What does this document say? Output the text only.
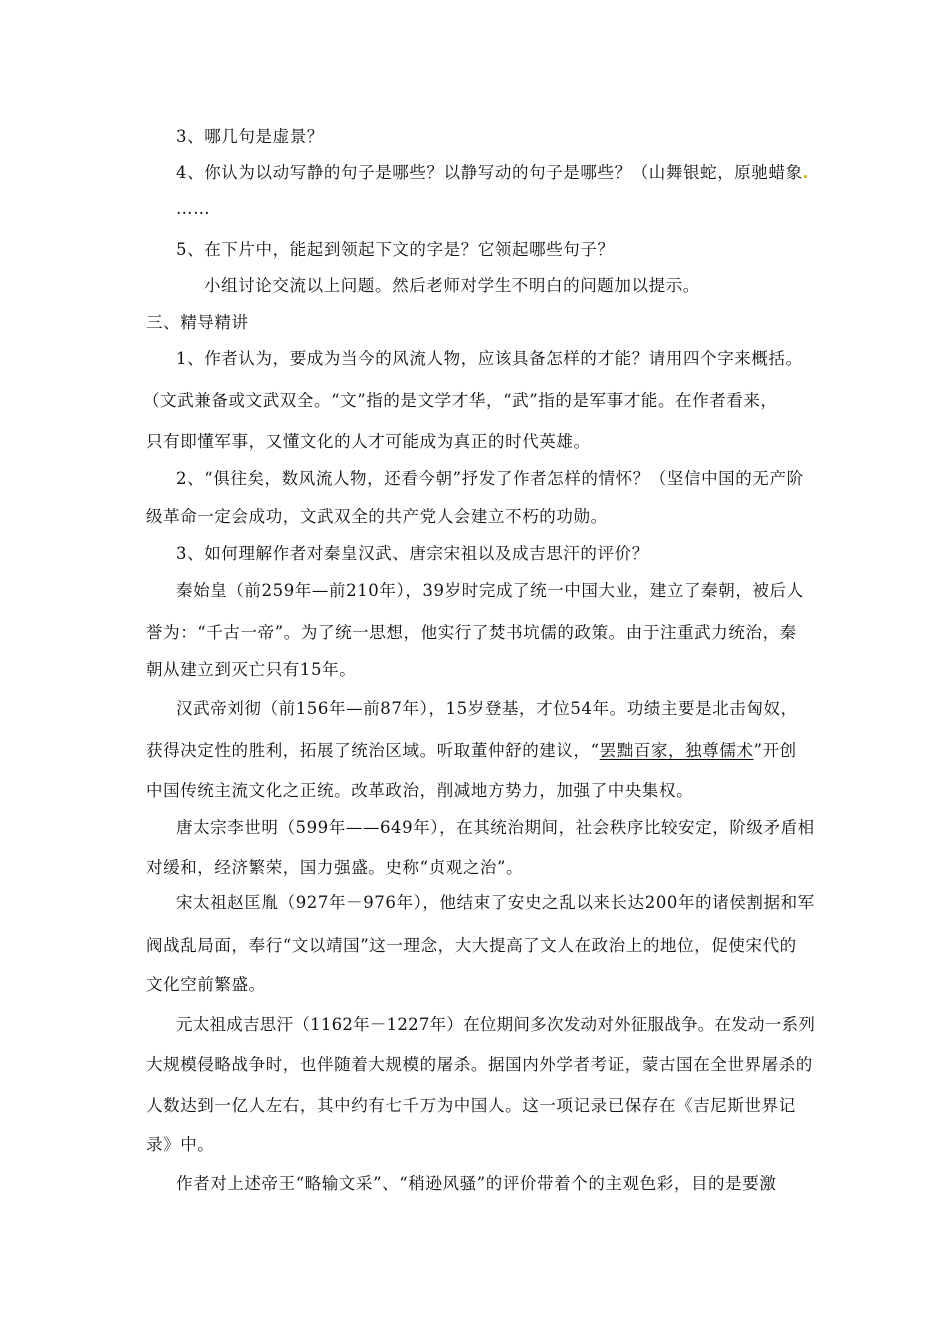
3、哪几句是虚景？
4、你认为以动写静的句子是哪些？以静写动的句子是哪些？（山舞银蛇，原驰蜡象
……
5、在下片中，能起到领起下文的字是？它领起哪些句子？
小组讨论交流以上问题。然后老师对学生不明白的问题加以提示。
三、精导精讲
1、作者认为，要成为当今的风流人物，应该具备怎样的才能？请用四个字来概括。
（文武兼备或文武双全。“文”指的是文学才华，“武”指的是军事才能。在作者看来，
只有即懂军事，又懂文化的人才可能成为真正的时代英雄。
2、“俱往矣，数风流人物，还看今朝”抒发了作者怎样的情怀？（坚信中国的无产阶
级革命一定会成功，文武双全的共产党人会建立不朽的功勋。
3、如何理解作者对秦皇汉武、唐宗宋祖以及成吉思汗的评价？
秦始皇（前259年—前210年），39岁时完成了统一中国大业，建立了秦朝，被后人
誉为：“千古一帝”。为了统一思想，他实行了焚书坑儒的政策。由于注重武力统治，秦
朝从建立到灭亡只有15年。
汉武帝刘彻（前156年—前87年），15岁登基，才位54年。功绩主要是北击匈奴，
获得决定性的胜利，拓展了统治区域。听取董仲舒的建议，“罢黜百家，独尊儒术”开创
中国传统主流文化之正统。改革政治，削减地方势力，加强了中央集权。
唐太宗李世明（599年——649年），在其统治期间，社会秩序比较安定，阶级矛盾相
对缓和，经济繁荣，国力强盛。史称“贞观之治”。
宋太祖赵匡胤（927年－976年），他结束了安史之乱以来长达200年的诸侯割据和军
阀战乱局面，奉行“文以靖国”这一理念，大大提高了文人在政治上的地位，促使宋代的
文化空前繁盛。
元太祖成吉思汗（1162年－1227年）在位期间多次发动对外征服战争。在发动一系列
大规模侵略战争时，也伴随着大规模的屠杀。据国内外学者考证，蒙古国在全世界屠杀的
人数达到一亿人左右，其中约有七千万为中国人。这一项记录已保存在《吉尼斯世界记
录》中。
作者对上述帝王“略输文采”、“稍逊风骚”的评价带着个的主观色彩，目的是要激
